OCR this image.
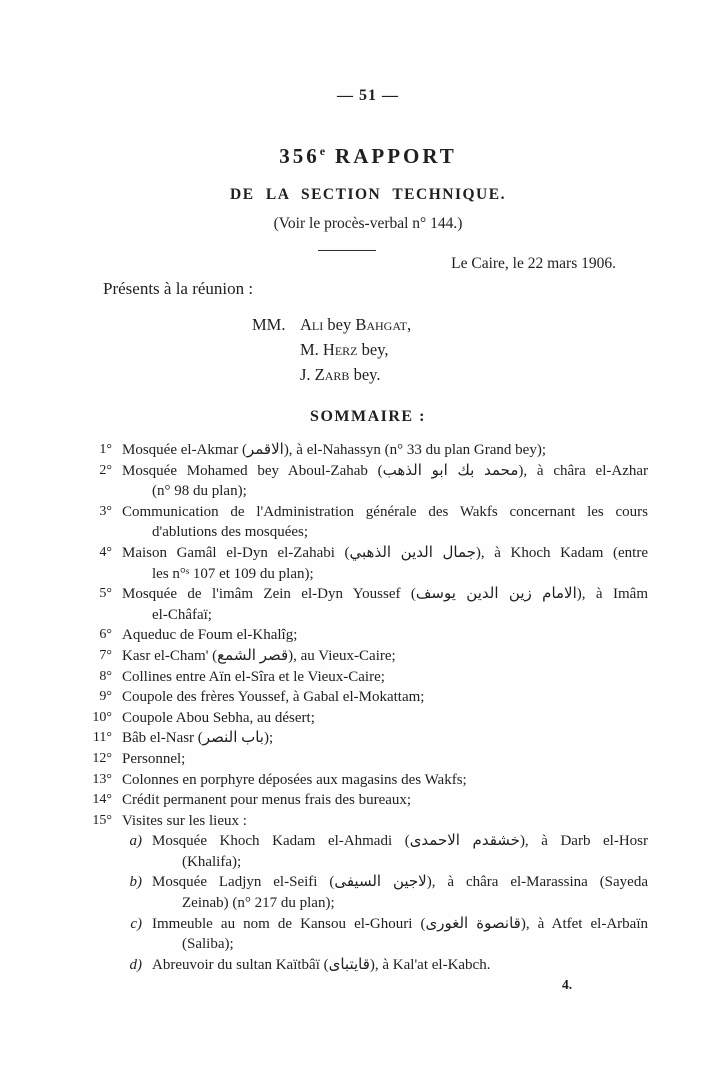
— 51 —
356e RAPPORT
DE LA SECTION TECHNIQUE.
(Voir le procès-verbal n° 144.)
Le Caire, le 22 mars 1906.
Présents à la réunion :
MM. Ali bey Bahgat,
M. Herz bey,
J. Zarb bey.
SOMMAIRE :
1° Mosquée el-Akmar (الاقمر), à el-Nahassyn (n° 33 du plan Grand bey);
2° Mosquée Mohamed bey Aboul-Zahab (محمد بك ابو الذهب), à châra el-Azhar
(n° 98 du plan);
3° Communication de l'Administration générale des Wakfs concernant les cours
d'ablutions des mosquées;
4° Maison Gamâl el-Dyn el-Zahabi (جمال الدين الذهبي), à Khoch Kadam (entre
les n°ˢ 107 et 109 du plan);
5° Mosquée de l'imâm Zein el-Dyn Youssef (الامام زين الدين يوسف), à Imâm
el-Châfaï;
6° Aqueduc de Foum el-Khalîg;
7° Kasr el-Cham' (قصر الشمع), au Vieux-Caire;
8° Collines entre Aïn el-Sîra et le Vieux-Caire;
9° Coupole des frères Youssef, à Gabal el-Mokattam;
10° Coupole Abou Sebha, au désert;
11° Bâb el-Nasr (باب النصر);
12° Personnel;
13° Colonnes en porphyre déposées aux magasins des Wakfs;
14° Crédit permanent pour menus frais des bureaux;
15° Visites sur les lieux :
a) Mosquée Khoch Kadam el-Ahmadi (خشقدم الاحمدى), à Darb el-Hosr
(Khalifa);
b) Mosquée Ladjyn el-Seifi (لاجين السيفى), à châra el-Marassina (Sayeda
Zeinab) (n° 217 du plan);
c) Immeuble au nom de Kansou el-Ghouri (قانصوة الغورى), à Atfet el-Arbaïn
(Saliba);
d) Abreuvoir du sultan Kaïtbâï (قايتباى), à Kal'at el-Kabch.
4.
